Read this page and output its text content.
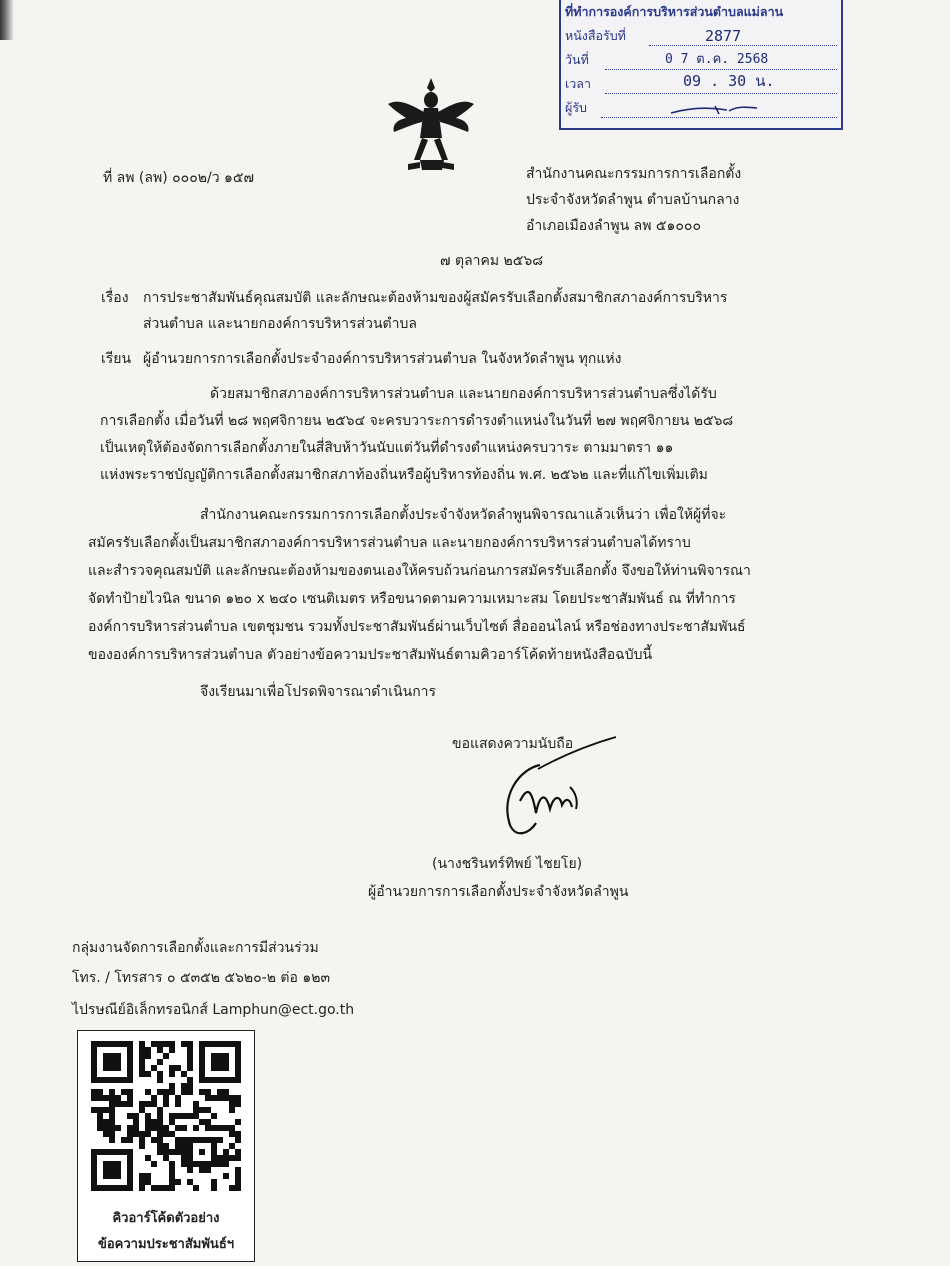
ที่ทำการองค์การบริหารส่วนตำบลแม่ลาน
หนังสือรับที่	2877
วันที่	0 7 ต.ค. 2568
เวลา	09 . 30 น.
ผู้รับ
ที่ ลพ (ลพ) ๐๐๐๒/ว ๑๕๗	สำนักงานคณะกรรมการการเลือกตั้ง
ประจำจังหวัดลำพูน ตำบลบ้านกลาง
อำเภอเมืองลำพูน ลพ ๕๑๐๐๐
๗ ตุลาคม ๒๕๖๘
เรื่อง การประชาสัมพันธ์คุณสมบัติ และลักษณะต้องห้ามของผู้สมัครรับเลือกตั้งสมาชิกสภาองค์การบริหาร
ส่วนตำบล และนายกองค์การบริหารส่วนตำบล
เรียน ผู้อำนวยการการเลือกตั้งประจำองค์การบริหารส่วนตำบล ในจังหวัดลำพูน ทุกแห่ง
ด้วยสมาชิกสภาองค์การบริหารส่วนตำบล และนายกองค์การบริหารส่วนตำบลซึ่งได้รับ
การเลือกตั้ง เมื่อวันที่ ๒๘ พฤศจิกายน ๒๕๖๔ จะครบวาระการดำรงตำแหน่งในวันที่ ๒๗ พฤศจิกายน ๒๕๖๘
เป็นเหตุให้ต้องจัดการเลือกตั้งภายในสี่สิบห้าวันนับแต่วันที่ดำรงตำแหน่งครบวาระ ตามมาตรา ๑๑
แห่งพระราชบัญญัติการเลือกตั้งสมาชิกสภาท้องถิ่นหรือผู้บริหารท้องถิ่น พ.ศ. ๒๕๖๒ และที่แก้ไขเพิ่มเติม
สำนักงานคณะกรรมการการเลือกตั้งประจำจังหวัดลำพูนพิจารณาแล้วเห็นว่า เพื่อให้ผู้ที่จะ
สมัครรับเลือกตั้งเป็นสมาชิกสภาองค์การบริหารส่วนตำบล และนายกองค์การบริหารส่วนตำบลได้ทราบ
และสำรวจคุณสมบัติ และลักษณะต้องห้ามของตนเองให้ครบถ้วนก่อนการสมัครรับเลือกตั้ง จึงขอให้ท่านพิจารณา
จัดทำป้ายไวนิล ขนาด ๑๒๐ x ๒๔๐ เซนติเมตร หรือขนาดตามความเหมาะสม โดยประชาสัมพันธ์ ณ ที่ทำการ
องค์การบริหารส่วนตำบล เขตชุมชน รวมทั้งประชาสัมพันธ์ผ่านเว็บไซต์ สื่อออนไลน์ หรือช่องทางประชาสัมพันธ์
ขององค์การบริหารส่วนตำบล ตัวอย่างข้อความประชาสัมพันธ์ตามคิวอาร์โค้ดท้ายหนังสือฉบับนี้
จึงเรียนมาเพื่อโปรดพิจารณาดำเนินการ
ขอแสดงความนับถือ
(นางชรินทร์ทิพย์ ไชยโย)
ผู้อำนวยการการเลือกตั้งประจำจังหวัดลำพูน
กลุ่มงานจัดการเลือกตั้งและการมีส่วนร่วม
โทร. / โทรสาร ๐ ๕๓๕๒ ๕๖๒๐-๒ ต่อ ๑๒๓
ไปรษณีย์อิเล็กทรอนิกส์ Lamphun@ect.go.th
คิวอาร์โค้ดตัวอย่าง
ข้อความประชาสัมพันธ์ฯ
